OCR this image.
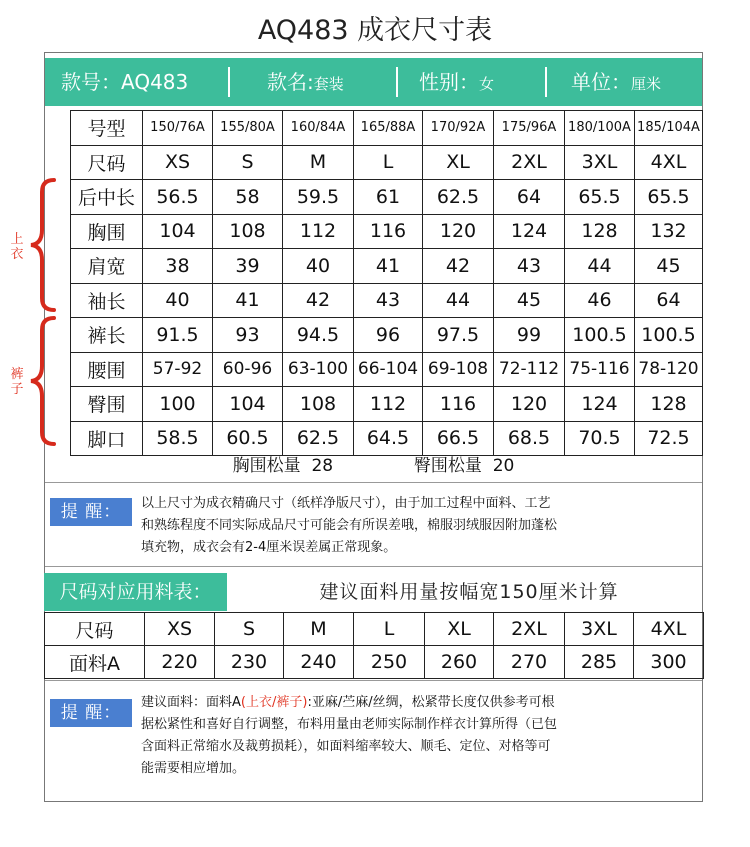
AQ483 成衣尺寸表
款号：AQ483	款名:套装	性别：女	单位：厘米
上衣
裤子
号型	150/76A	155/80A	160/84A	165/88A	170/92A	175/96A	180/100A	185/104A
尺码	XS	S	M	L	XL	2XL	3XL	4XL
后中长	56.5	58	59.5	61	62.5	64	65.5	65.5
胸围	104	108	112	116	120	124	128	132
肩宽	38	39	40	41	42	43	44	45
袖长	40	41	42	43	44	45	46	64
裤长	91.5	93	94.5	96	97.5	99	100.5	100.5
腰围	57-92	60-96	63-100	66-104	69-108	72-112	75-116	78-120
臀围	100	104	108	112	116	120	124	128
脚口	58.5	60.5	62.5	64.5	66.5	68.5	70.5	72.5
胸围松量 28	臀围松量 20
提 醒：	以上尺寸为成衣精确尺寸（纸样净版尺寸），由于加工过程中面料、工艺
和熟练程度不同实际成品尺寸可能会有所误差哦，棉服羽绒服因附加蓬松
填充物，成衣会有2-4厘米误差属正常现象。
尺码对应用料表：	建议面料用量按幅宽150厘米计算
尺码	XS	S	M	L	XL	2XL	3XL	4XL
面料A	220	230	240	250	260	270	285	300
提 醒：
建议面料：面料A(上衣/裤子):亚麻/苎麻/丝绸，松紧带长度仅供参考可根
据松紧性和喜好自行调整，布料用量由老师实际制作样衣计算所得（已包
含面料正常缩水及裁剪损耗），如面料缩率较大、顺毛、定位、对格等可
能需要相应增加。
